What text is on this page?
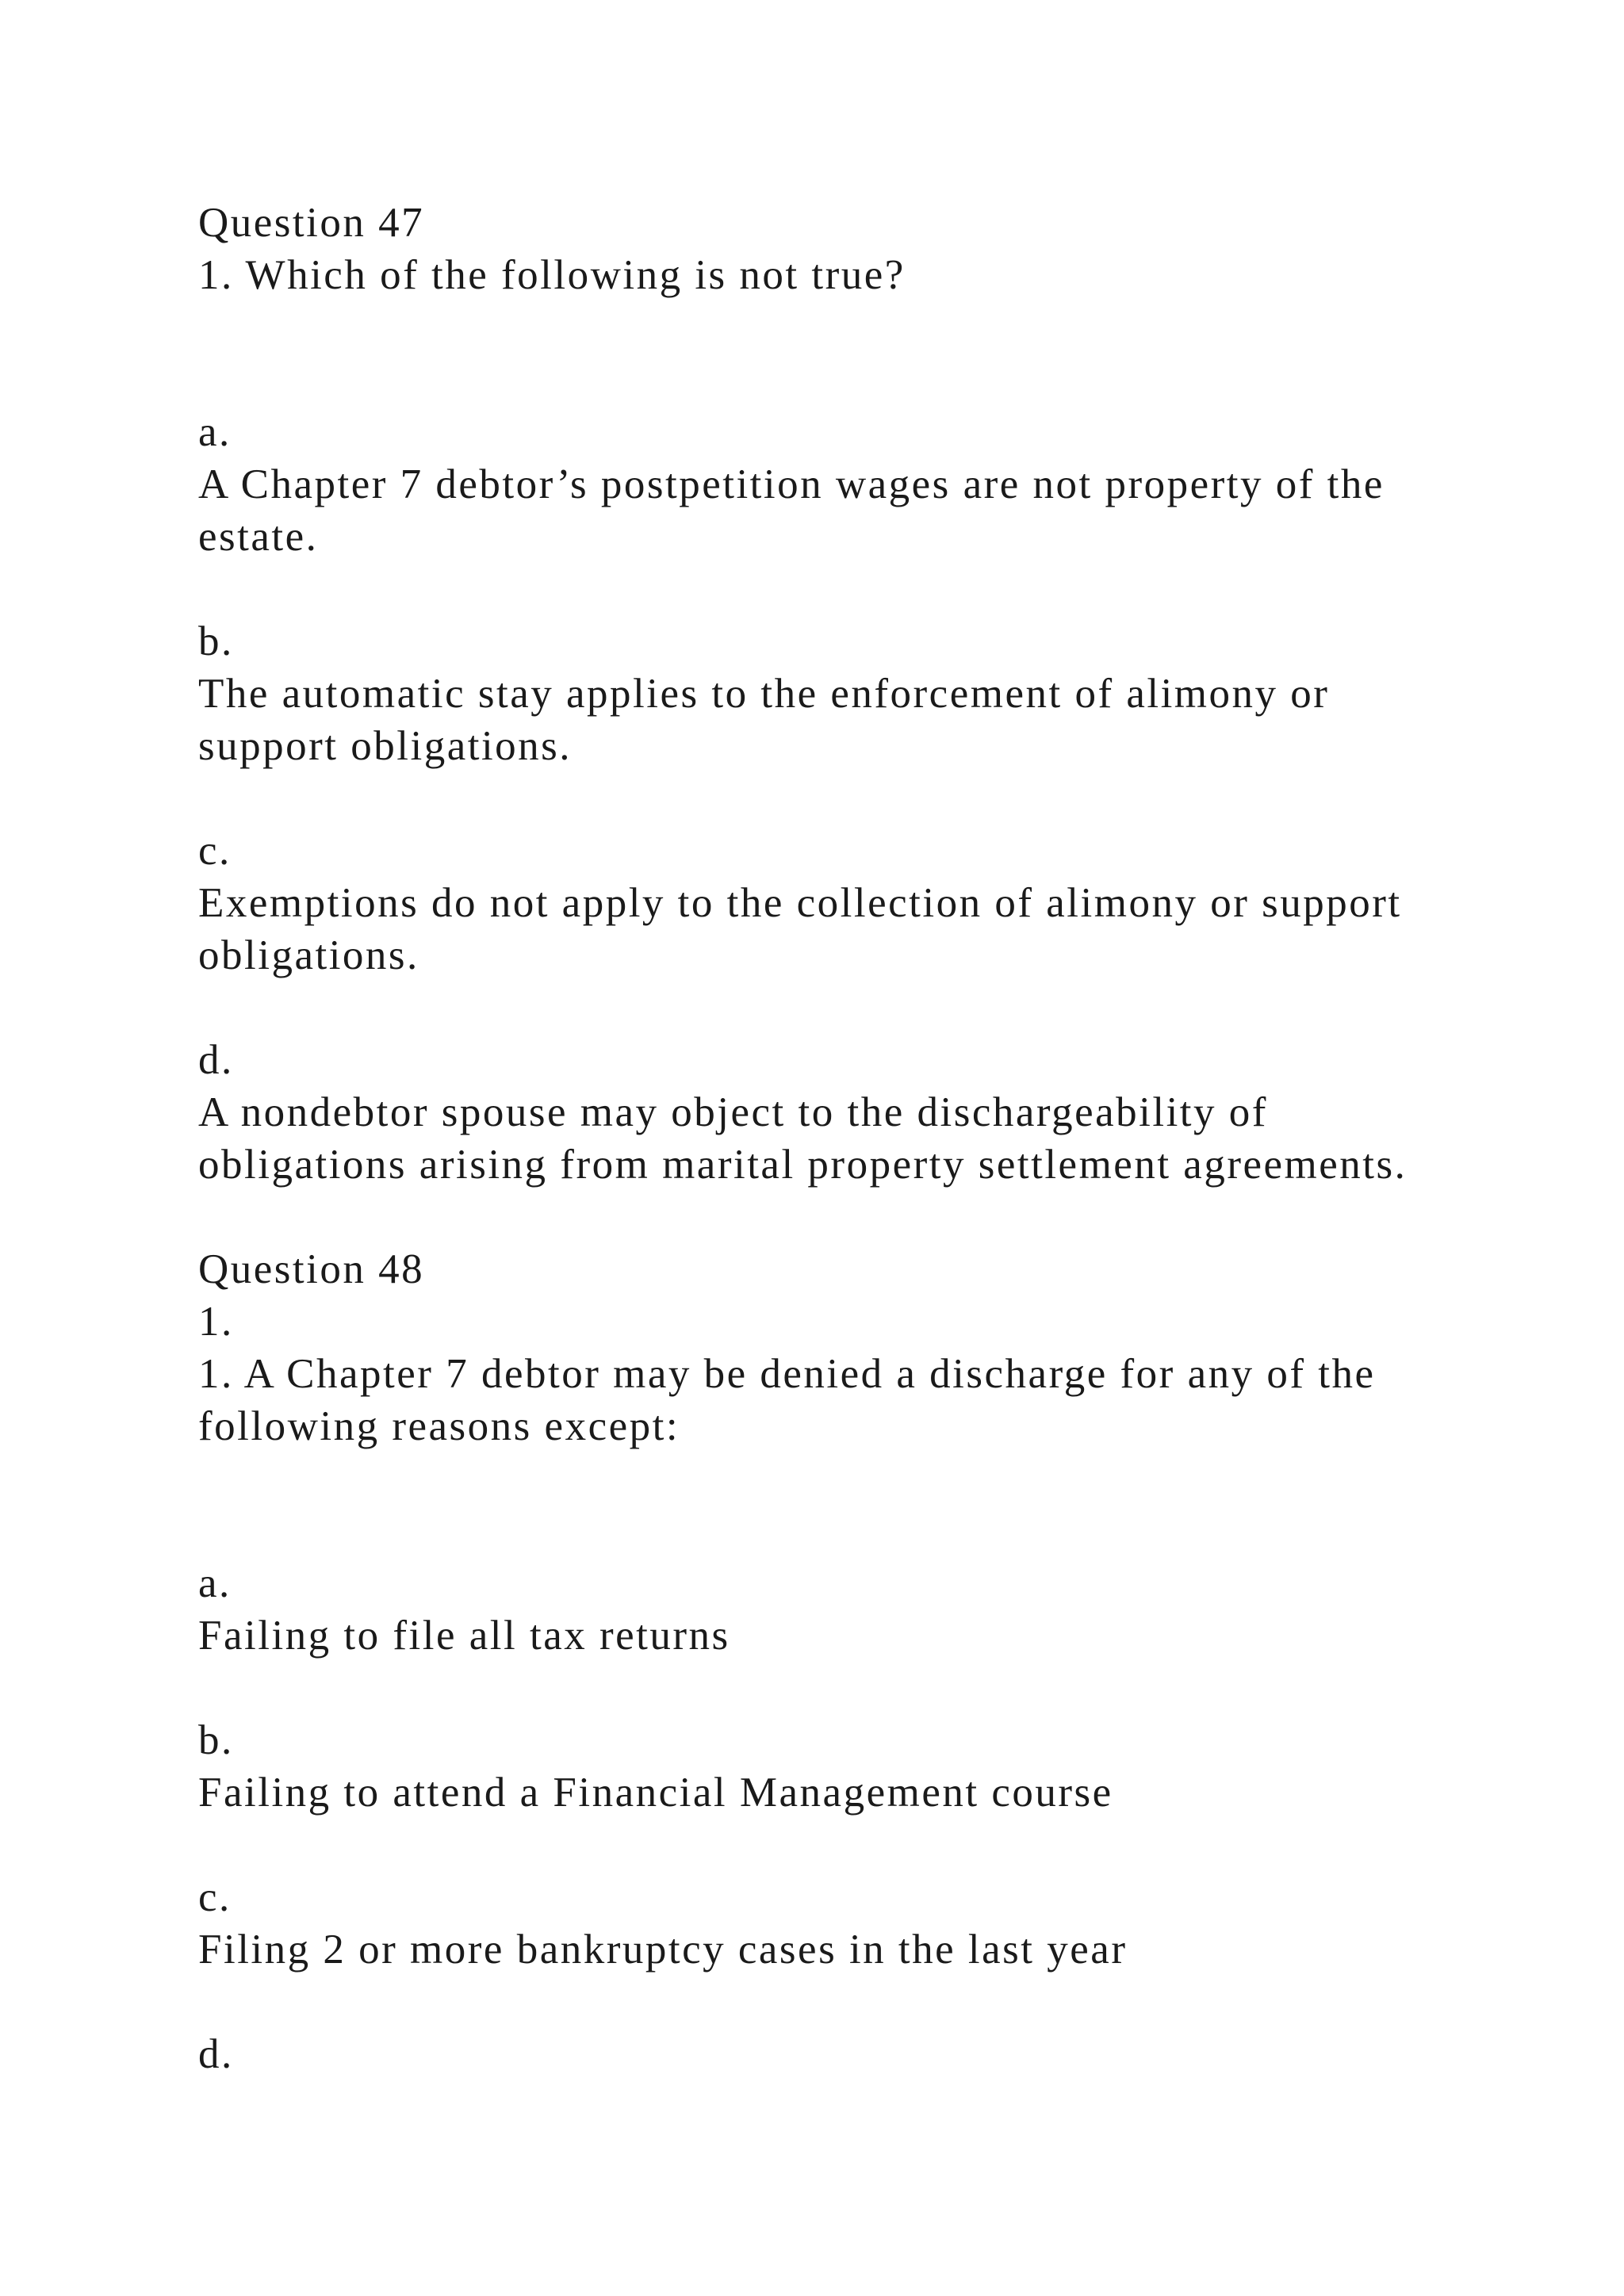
Question 47
1. Which of the following is not true?
a.
A Chapter 7 debtor’s postpetition wages are not property of the
estate.
b.
The automatic stay applies to the enforcement of alimony or
support obligations.
c.
Exemptions do not apply to the collection of alimony or support
obligations.
d.
A nondebtor spouse may object to the dischargeability of
obligations arising from marital property settlement agreements.
Question 48
1.
1. A Chapter 7 debtor may be denied a discharge for any of the
following reasons except:
a.
Failing to file all tax returns
b.
Failing to attend a Financial Management course
c.
Filing 2 or more bankruptcy cases in the last year
d.
